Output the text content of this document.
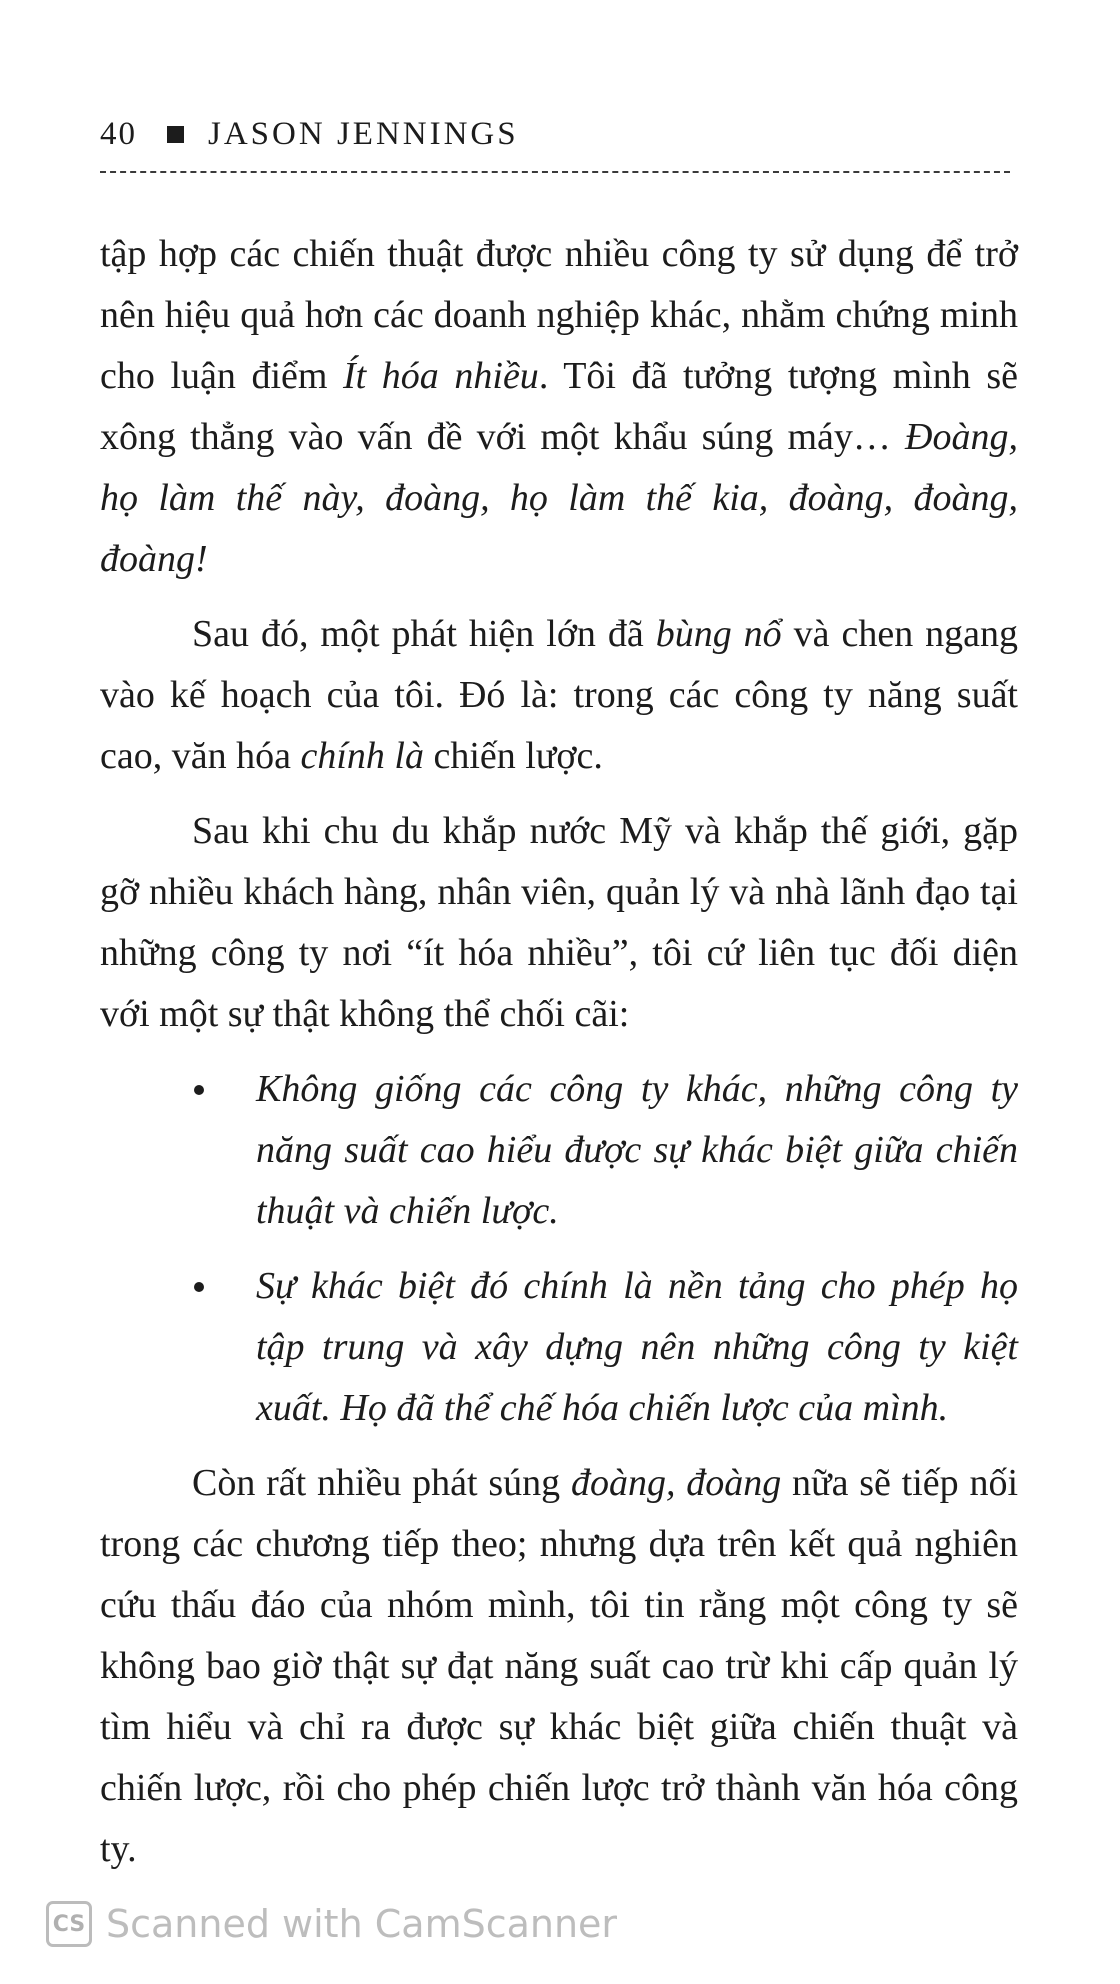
40 JASON JENNINGS

tập hợp các chiến thuật được nhiều công ty sử dụng để trở nên hiệu quả hơn các doanh nghiệp khác, nhằm chứng minh cho luận điểm Ít hóa nhiều. Tôi đã tưởng tượng mình sẽ xông thẳng vào vấn đề với một khẩu súng máy… Đoàng, họ làm thế này, đoàng, họ làm thế kia, đoàng, đoàng, đoàng!

Sau đó, một phát hiện lớn đã bùng nổ và chen ngang vào kế hoạch của tôi. Đó là: trong các công ty năng suất cao, văn hóa chính là chiến lược.

Sau khi chu du khắp nước Mỹ và khắp thế giới, gặp gỡ nhiều khách hàng, nhân viên, quản lý và nhà lãnh đạo tại những công ty nơi “ít hóa nhiều”, tôi cứ liên tục đối diện với một sự thật không thể chối cãi:

Không giống các công ty khác, những công ty năng suất cao hiểu được sự khác biệt giữa chiến thuật và chiến lược.
Sự khác biệt đó chính là nền tảng cho phép họ tập trung và xây dựng nên những công ty kiệt xuất. Họ đã thể chế hóa chiến lược của mình.

Còn rất nhiều phát súng đoàng, đoàng nữa sẽ tiếp nối trong các chương tiếp theo; nhưng dựa trên kết quả nghiên cứu thấu đáo của nhóm mình, tôi tin rằng một công ty sẽ không bao giờ thật sự đạt năng suất cao trừ khi cấp quản lý tìm hiểu và chỉ ra được sự khác biệt giữa chiến thuật và chiến lược, rồi cho phép chiến lược trở thành văn hóa công ty.

CS Scanned with CamScanner
